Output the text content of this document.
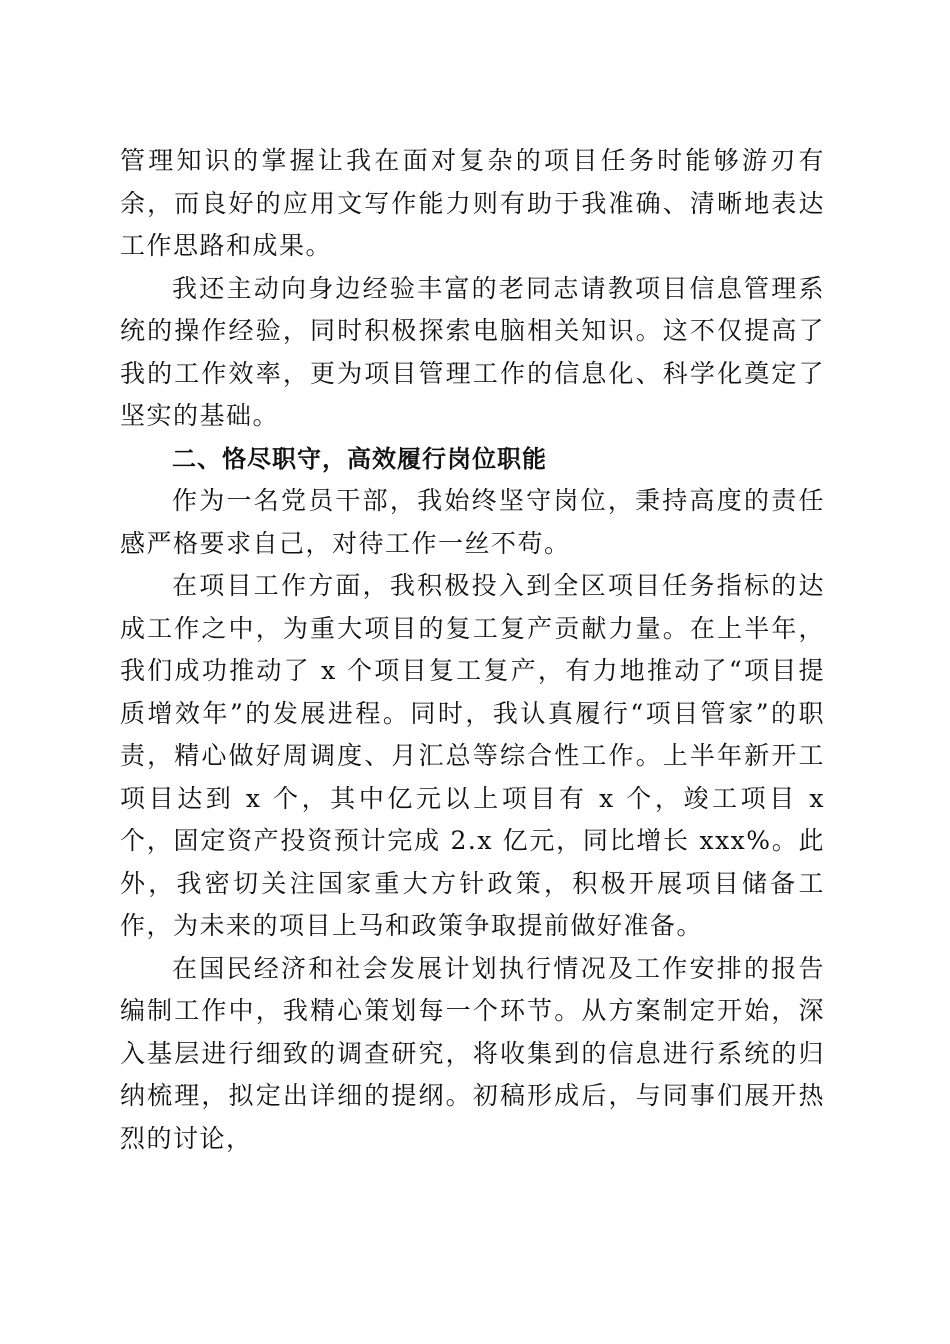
管理知识的掌握让我在面对复杂的项目任务时能够游刃有余，而良好的应用文写作能力则有助于我准确、清晰地表达工作思路和成果。

我还主动向身边经验丰富的老同志请教项目信息管理系统的操作经验，同时积极探索电脑相关知识。这不仅提高了我的工作效率，更为项目管理工作的信息化、科学化奠定了坚实的基础。

二、恪尽职守，高效履行岗位职能

作为一名党员干部，我始终坚守岗位，秉持高度的责任感严格要求自己，对待工作一丝不苟。

在项目工作方面，我积极投入到全区项目任务指标的达成工作之中，为重大项目的复工复产贡献力量。在上半年，我们成功推动了 x 个项目复工复产，有力地推动了“项目提质增效年”的发展进程。同时，我认真履行“项目管家”的职责，精心做好周调度、月汇总等综合性工作。上半年新开工项目达到 x 个，其中亿元以上项目有 x 个，竣工项目 x 个，固定资产投资预计完成 2.x 亿元，同比增长 xxx%。此外，我密切关注国家重大方针政策，积极开展项目储备工作，为未来的项目上马和政策争取提前做好准备。

在国民经济和社会发展计划执行情况及工作安排的报告编制工作中，我精心策划每一个环节。从方案制定开始，深入基层进行细致的调查研究，将收集到的信息进行系统的归纳梳理，拟定出详细的提纲。初稿形成后，与同事们展开热烈的讨论，
